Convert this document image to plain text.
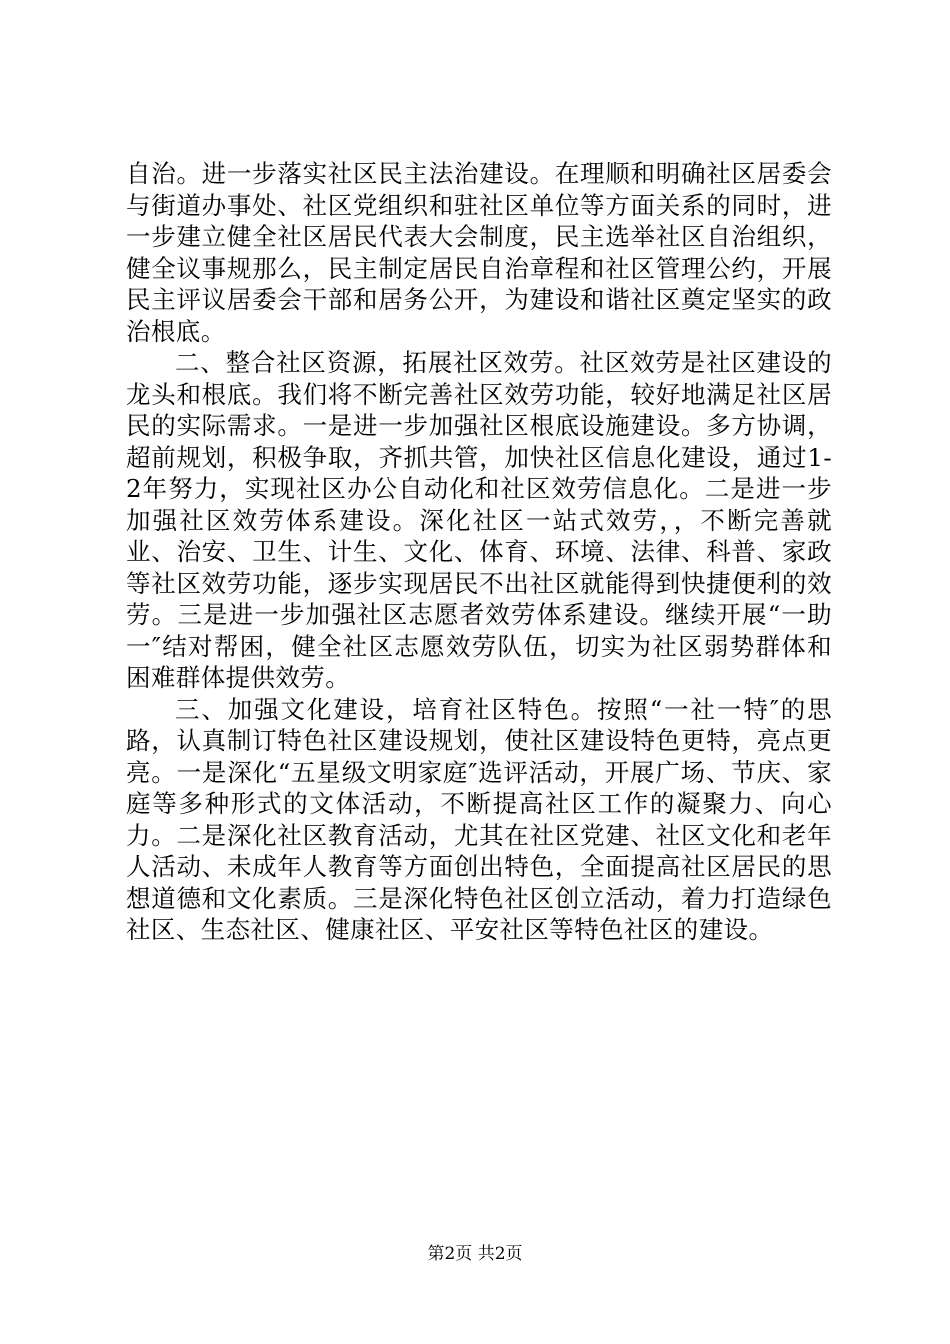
自治。进一步落实社区民主法治建设。在理顺和明确社区居委会与街道办事处、社区党组织和驻社区单位等方面关系的同时，进一步建立健全社区居民代表大会制度，民主选举社区自治组织，健全议事规那么，民主制定居民自治章程和社区管理公约，开展民主评议居委会干部和居务公开，为建设和谐社区奠定坚实的政治根底。

二、整合社区资源，拓展社区效劳。社区效劳是社区建设的龙头和根底。我们将不断完善社区效劳功能，较好地满足社区居民的实际需求。一是进一步加强社区根底设施建设。多方协调，超前规划，积极争取，齐抓共管，加快社区信息化建设，通过1-2年努力，实现社区办公自动化和社区效劳信息化。二是进一步加强社区效劳体系建设。深化社区一站式效劳，，不断完善就业、治安、卫生、计生、文化、体育、环境、法律、科普、家政等社区效劳功能，逐步实现居民不出社区就能得到快捷便利的效劳。三是进一步加强社区志愿者效劳体系建设。继续开展“一助一″结对帮困，健全社区志愿效劳队伍，切实为社区弱势群体和困难群体提供效劳。

三、加强文化建设，培育社区特色。按照“一社一特″的思路，认真制订特色社区建设规划，使社区建设特色更特，亮点更亮。一是深化“五星级文明家庭″选评活动，开展广场、节庆、家庭等多种形式的文体活动，不断提高社区工作的凝聚力、向心力。二是深化社区教育活动，尤其在社区党建、社区文化和老年人活动、未成年人教育等方面创出特色，全面提高社区居民的思想道德和文化素质。三是深化特色社区创立活动，着力打造绿色社区、生态社区、健康社区、平安社区等特色社区的建设。

第2页 共2页
